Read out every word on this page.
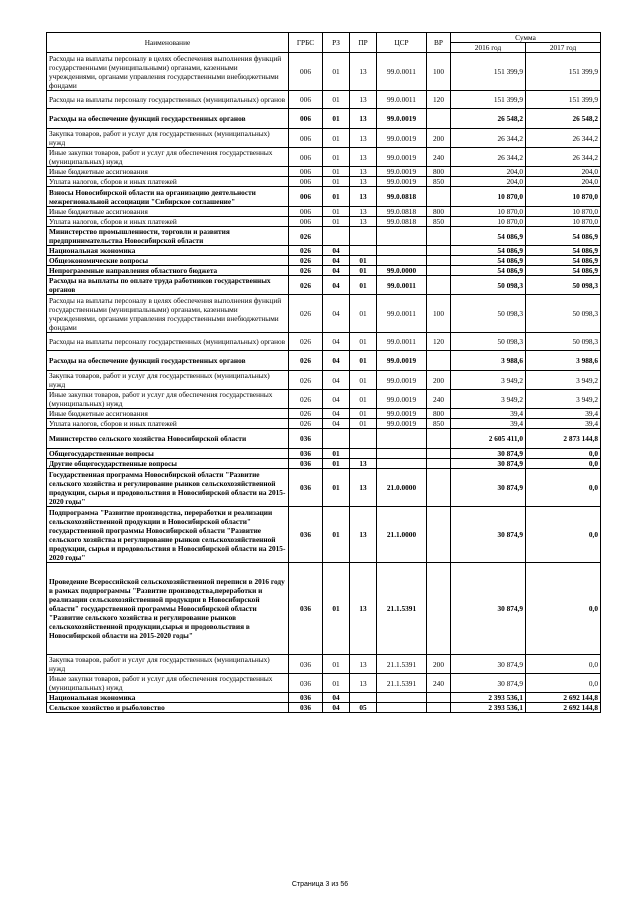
Наименование	ГРБС	РЗ	ПР	ЦСР	ВР	Сумма	
						2016 год	2017 год
Расходы на выплаты персоналу в целях обеспечения выполнения функций государственными (муниципальными) органами, казенными учреждениями, органами управления государственными внебюджетными фондами	006	01	13	99.0.0011	100	151 399,9	151 399,9
Расходы на выплаты персоналу государственных (муниципальных) органов	006	01	13	99.0.0011	120	151 399,9	151 399,9
Расходы на обеспечение функций государственных органов	006	01	13	99.0.0019		26 548,2	26 548,2
Закупка товаров, работ и услуг для государственных (муниципальных) нужд	006	01	13	99.0.0019	200	26 344,2	26 344,2
Иные закупки товаров, работ и услуг для обеспечения государственных (муниципальных) нужд	006	01	13	99.0.0019	240	26 344,2	26 344,2
Иные бюджетные ассигнования	006	01	13	99.0.0019	800	204,0	204,0
Уплата налогов, сборов и иных платежей	006	01	13	99.0.0019	850	204,0	204,0
Взносы Новосибирской области на организацию деятельности межрегиональной ассоциации "Сибирское соглашение"	006	01	13	99.0.0818		10 870,0	10 870,0
Иные бюджетные ассигнования	006	01	13	99.0.0818	800	10 870,0	10 870,0
Уплата налогов, сборов и иных платежей	006	01	13	99.0.0818	850	10 870,0	10 870,0
Министерство промышленности, торговли и развития предпринимательства Новосибирской области	026					54 086,9	54 086,9
Национальная экономика	026	04				54 086,9	54 086,9
Общеэкономические вопросы	026	04	01			54 086,9	54 086,9
Непрограммные направления областного бюджета	026	04	01	99.0.0000		54 086,9	54 086,9
Расходы на выплаты по оплате труда работников государственных органов	026	04	01	99.0.0011		50 098,3	50 098,3
Расходы на выплаты персоналу в целях обеспечения выполнения функций государственными (муниципальными) органами, казенными учреждениями, органами управления государственными внебюджетными фондами	026	04	01	99.0.0011	100	50 098,3	50 098,3
Расходы на выплаты персоналу государственных (муниципальных) органов	026	04	01	99.0.0011	120	50 098,3	50 098,3
Расходы на обеспечение функций государственных органов	026	04	01	99.0.0019		3 988,6	3 988,6
Закупка товаров, работ и услуг для государственных (муниципальных) нужд	026	04	01	99.0.0019	200	3 949,2	3 949,2
Иные закупки товаров, работ и услуг для обеспечения государственных (муниципальных) нужд	026	04	01	99.0.0019	240	3 949,2	3 949,2
Иные бюджетные ассигнования	026	04	01	99.0.0019	800	39,4	39,4
Уплата налогов, сборов и иных платежей	026	04	01	99.0.0019	850	39,4	39,4
Министерство сельского хозяйства Новосибирской области	036					2 605 411,0	2 873 144,8
Общегосударственные вопросы	036	01				30 874,9	0,0
Другие общегосударственные вопросы	036	01	13			30 874,9	0,0
Государственная программа Новосибирской области "Развитие сельского хозяйства и регулирование рынков сельскохозяйственной продукции, сырья и продовольствия в Новосибирской области на 2015-2020 годы"	036	01	13	21.0.0000		30 874,9	0,0
Подпрограмма "Развитие производства, переработки и реализации сельскохозяйственной продукции в Новосибирской области" государственной программы Новосибирской области "Развитие сельского хозяйства и регулирование рынков сельскохозяйственной продукции, сырья и продовольствия в Новосибирской области на 2015-2020 годы"	036	01	13	21.1.0000		30 874,9	0,0
Проведение Всероссийской сельскохозяйственной переписи в 2016 году в рамках подпрограммы "Развитие производства,переработки и реализации сельскохозяйственной продукции в Новосибирской области" государственной программы Новосибирской области "Развитие сельского хозяйства и регулирование рынков сельскохозяйственной продукции,сырья и продовольствия в Новосибирской области на 2015-2020 годы"	036	01	13	21.1.5391		30 874,9	0,0
Закупка товаров, работ и услуг для государственных (муниципальных) нужд	036	01	13	21.1.5391	200	30 874,9	0,0
Иные закупки товаров, работ и услуг для обеспечения государственных (муниципальных) нужд	036	01	13	21.1.5391	240	30 874,9	0,0
Национальная экономика	036	04				2 393 536,1	2 692 144,8
Сельское хозяйство и рыболовство	036	04	05			2 393 536,1	2 692 144,8
Страница 3 из 56
